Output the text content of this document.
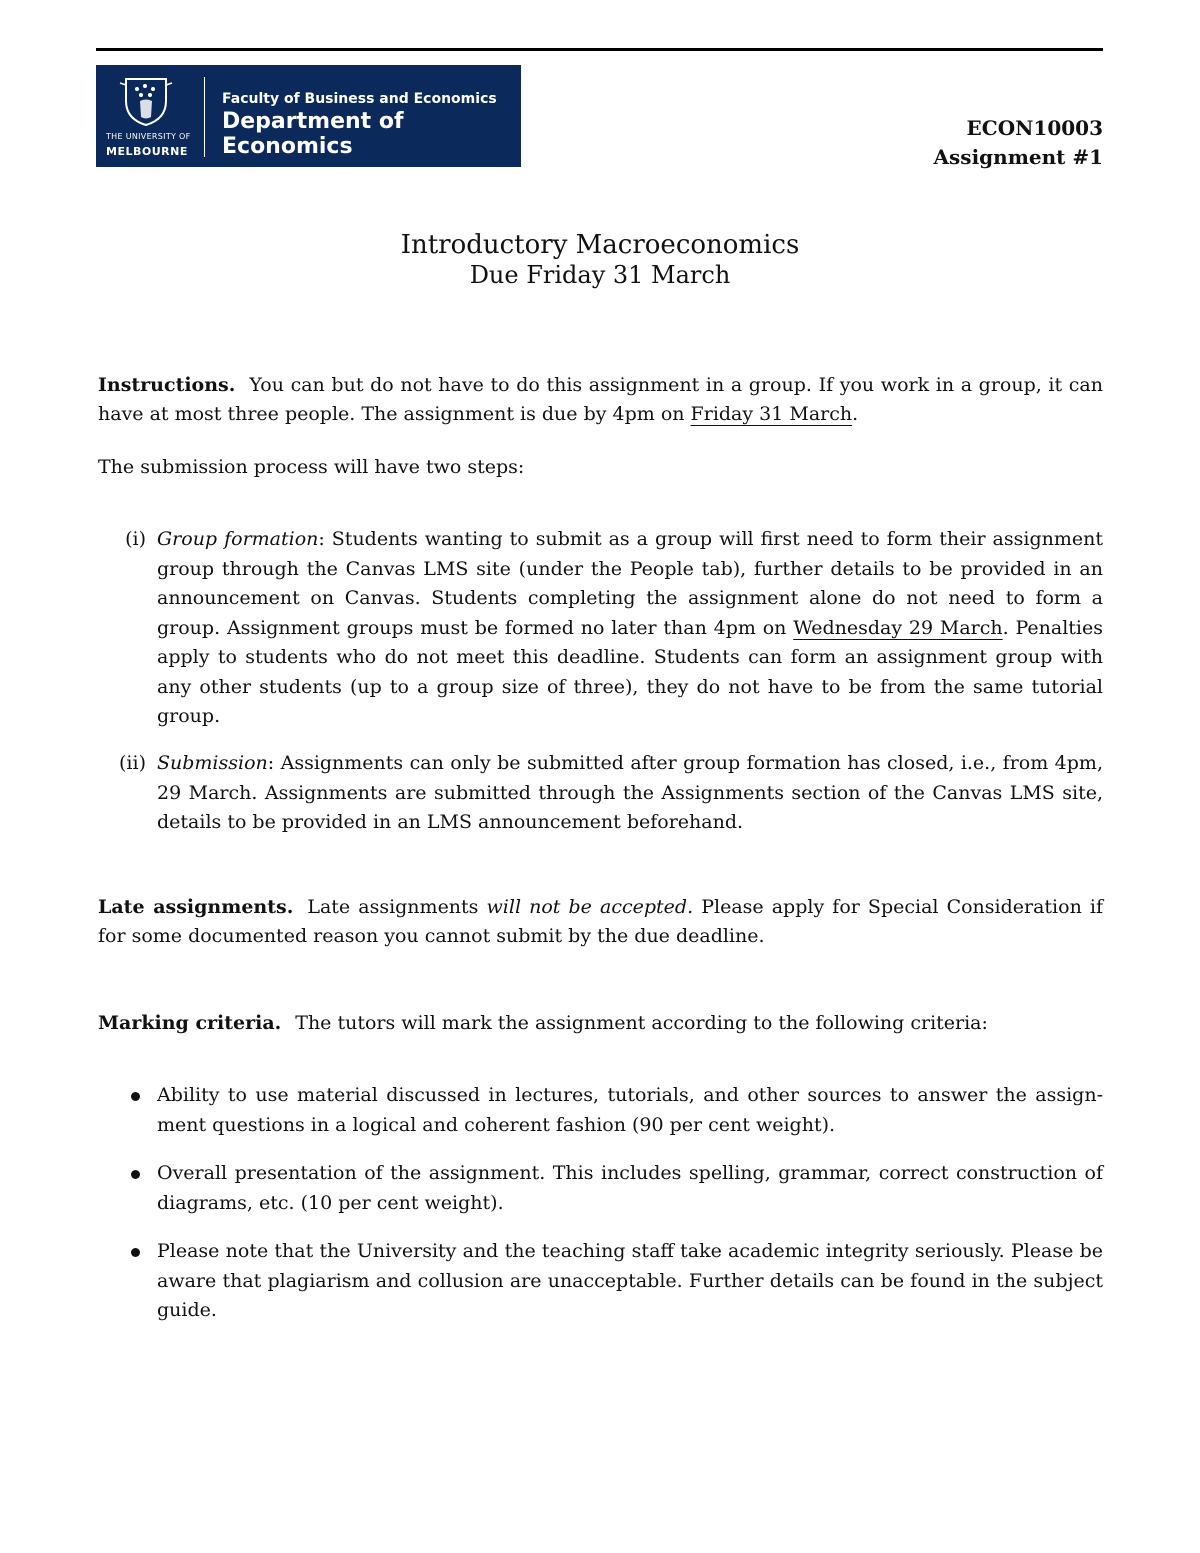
THE UNIVERSITY OF
MELBOURNE
Faculty of Business and Economics
Department of Economics
ECON10003
Assignment #1
Introductory Macroeconomics
Due Friday 31 March

Instructions. You can but do not have to do this assignment in a group. If you work in a group, it can have at most three people. The assignment is due by 4pm on Friday 31 March.

The submission process will have two steps:

(i) Group formation: Students wanting to submit as a group will first need to form their assignment group through the Canvas LMS site (under the People tab), further details to be provided in an announcement on Canvas. Students completing the assignment alone do not need to form a group. Assignment groups must be formed no later than 4pm on Wednesday 29 March. Penalties apply to students who do not meet this deadline. Students can form an assignment group with any other students (up to a group size of three), they do not have to be from the same tutorial group.
(ii) Submission: Assignments can only be submitted after group formation has closed, i.e., from 4pm, 29 March. Assignments are submitted through the Assignments section of the Canvas LMS site, details to be provided in an LMS announcement beforehand.

Late assignments. Late assignments will not be accepted. Please apply for Special Consideration if for some documented reason you cannot submit by the due deadline.

Marking criteria. The tutors will mark the assignment according to the following criteria:

Ability to use material discussed in lectures, tutorials, and other sources to answer the assignment questions in a logical and coherent fashion (90 per cent weight).
Overall presentation of the assignment. This includes spelling, grammar, correct construction of diagrams, etc. (10 per cent weight).
Please note that the University and the teaching staff take academic integrity seriously. Please be aware that plagiarism and collusion are unacceptable. Further details can be found in the subject guide.
